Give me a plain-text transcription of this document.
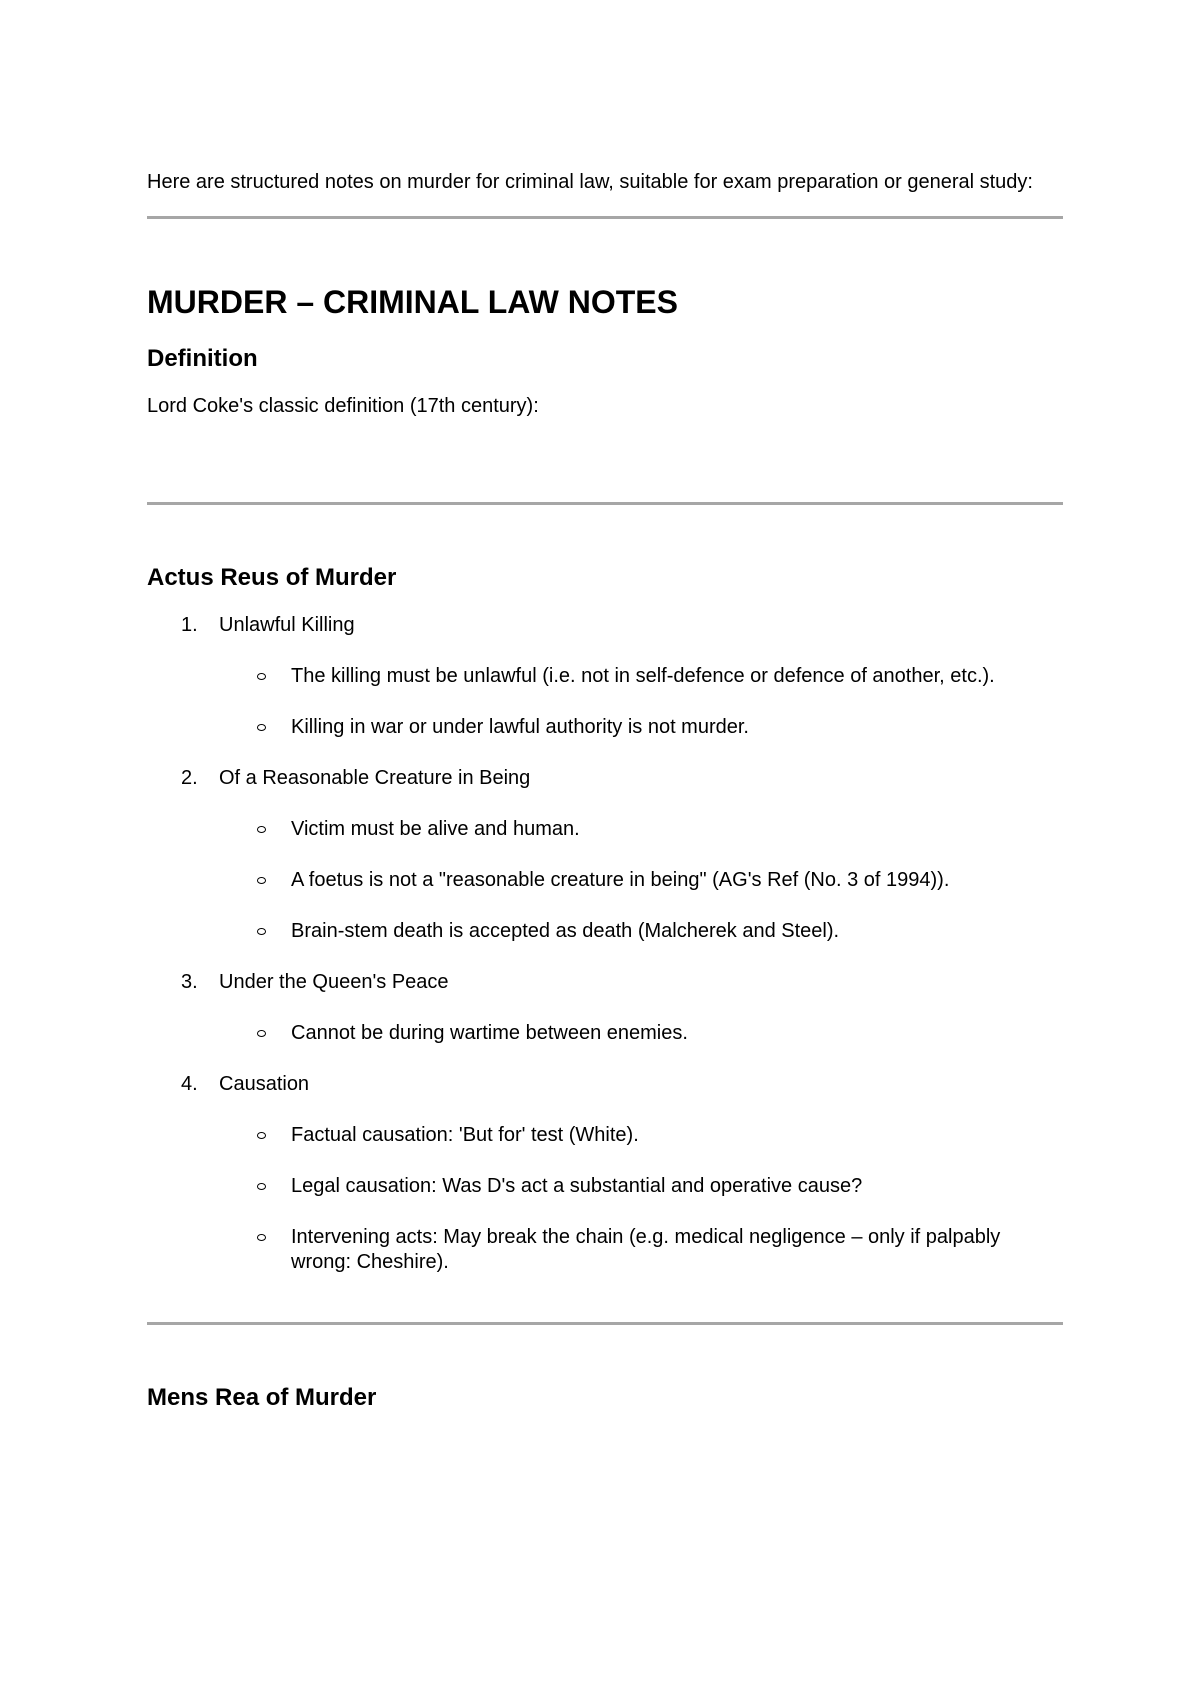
Here are structured notes on murder for criminal law, suitable for exam preparation or general study:

MURDER – CRIMINAL LAW NOTES
Definition

Lord Coke's classic definition (17th century):

Actus Reus of Murder
1.	Unlawful Killing
The killing must be unlawful (i.e. not in self-defence or defence of another, etc.).
Killing in war or under lawful authority is not murder.
2.	Of a Reasonable Creature in Being
Victim must be alive and human.
A foetus is not a "reasonable creature in being" (AG's Ref (No. 3 of 1994)).
Brain-stem death is accepted as death (Malcherek and Steel).
3.	Under the Queen's Peace
Cannot be during wartime between enemies.
4.	Causation
Factual causation: 'But for' test (White).
Legal causation: Was D's act a substantial and operative cause?
Intervening acts: May break the chain (e.g. medical negligence – only if palpably wrong: Cheshire).
Mens Rea of Murder
